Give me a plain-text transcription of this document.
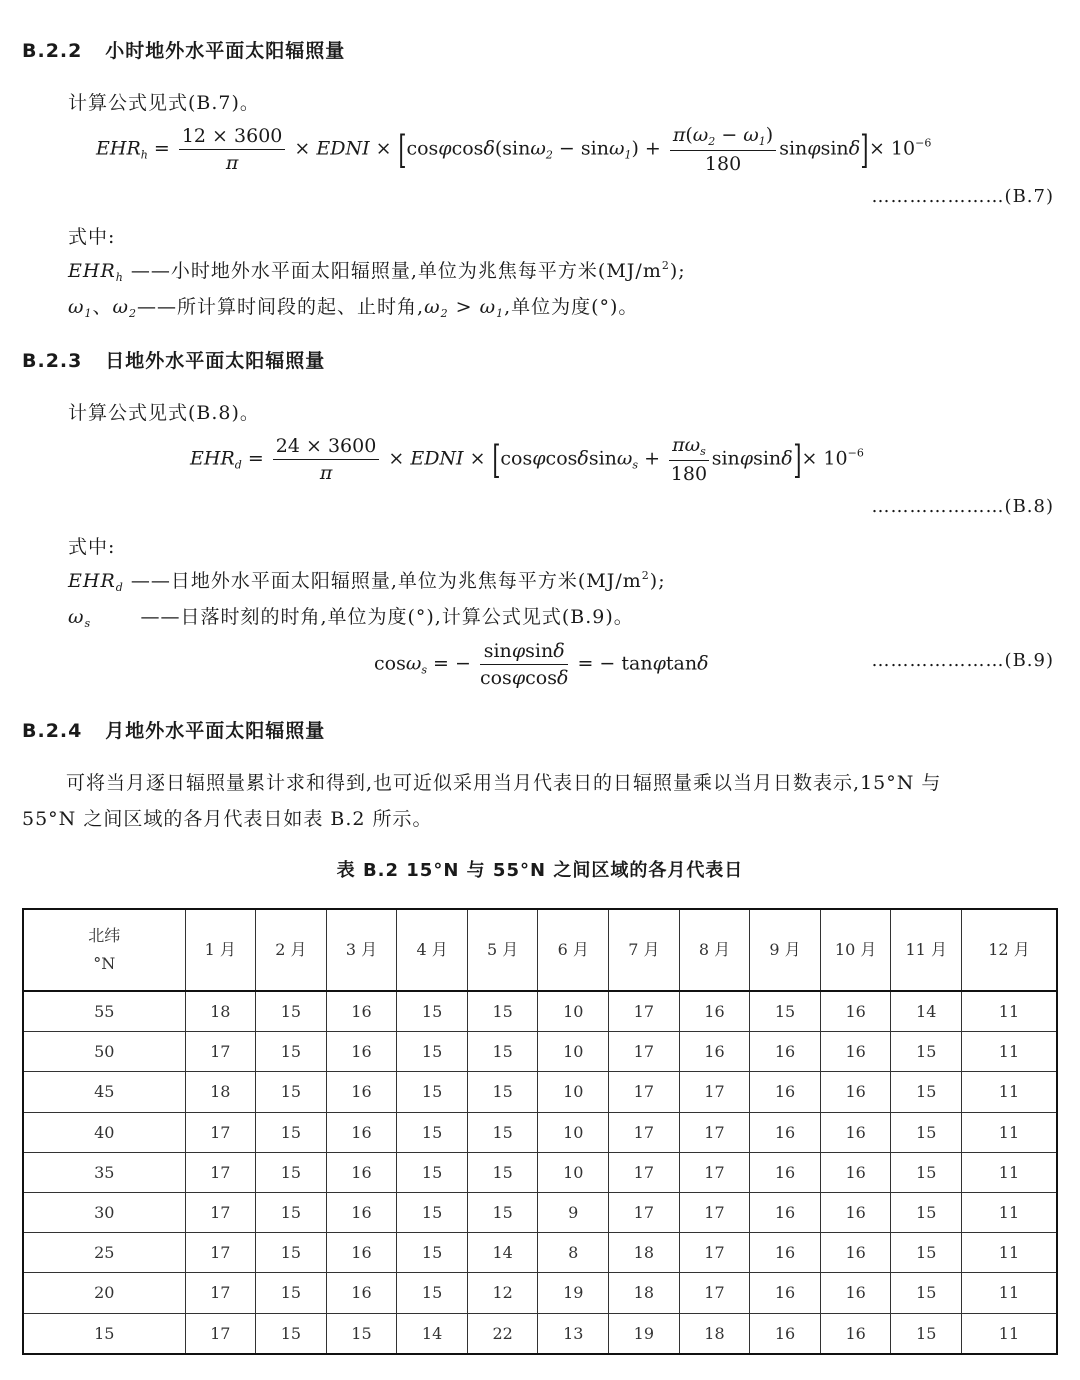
B.2.2 小时地外水平面太阳辐照量
计算公式见式(B.7)。
$EHR_h = \frac{12 \times 3600}{\pi}$ × EDNI × $[\cos\varphi\cos\delta(\sin\omega_2 - \sin\omega_1) + \frac{\pi(\omega_2 - \omega_1)}{180} \sin\varphi\sin\delta]\times 10^{-6}$
…………………(B.7)
式中:
$EHR_h$ ——小时地外水平面太阳辐照量,单位为兆焦每平方米$(MJ/m^2)$;
$\omega_1$、$\omega_2——$所计算时间段的起、止时角$,\omega_2 > \omega_1$,单位为度(°)。
B.2.3 日地外水平面太阳辐照量
计算公式见式(B.8)。
$EHR_d = \frac{24 \times 3600}{\pi}$ × EDNI × $[\cos\varphi\cos\delta\sin\omega_s + \frac{\pi\omega_s}{180} \sin\varphi\sin\delta]\times 10^{-6}$
…………………(B.8)
式中:
$EHR_d$ ——日地外水平面太阳辐照量,单位为兆焦每平方米$(MJ/m^2)$;
$\omega_s$	——日落时刻的时角,单位为度(°),计算公式见式(B.9)。
cosω$_s$ = − $\frac{\sin\varphi\sin\delta}{\cos\varphi\cos\delta}$ = − tanφtanδ	…………………(B.9)
B.2.4 月地外水平面太阳辐照量
可将当月逐日辐照量累计求和得到,也可近似采用当月代表日的日辐照量乘以当月日数表示,15°N 与
55°N 之间区域的各月代表日如表 B.2 所示。
表 B.2 15°N 与 55°N 之间区域的各月代表日
北纬
°N	1 月	2 月	3 月	4 月	5 月	6 月	7 月	8 月	9 月	10 月	11 月	12 月
55	18	15	16	15	15	10	17	16	15	16	14	11
50	17	15	16	15	15	10	17	16	16	16	15	11
45	18	15	16	15	15	10	17	17	16	16	15	11
40	17	15	16	15	15	10	17	17	16	16	15	11
35	17	15	16	15	15	10	17	17	16	16	15	11
30	17	15	16	15	15	9	17	17	16	16	15	11
25	17	15	16	15	14	8	18	17	16	16	15	11
20	17	15	16	15	12	19	18	17	16	16	15	11
15	17	15	15	14	22	13	19	18	16	16	15	11
